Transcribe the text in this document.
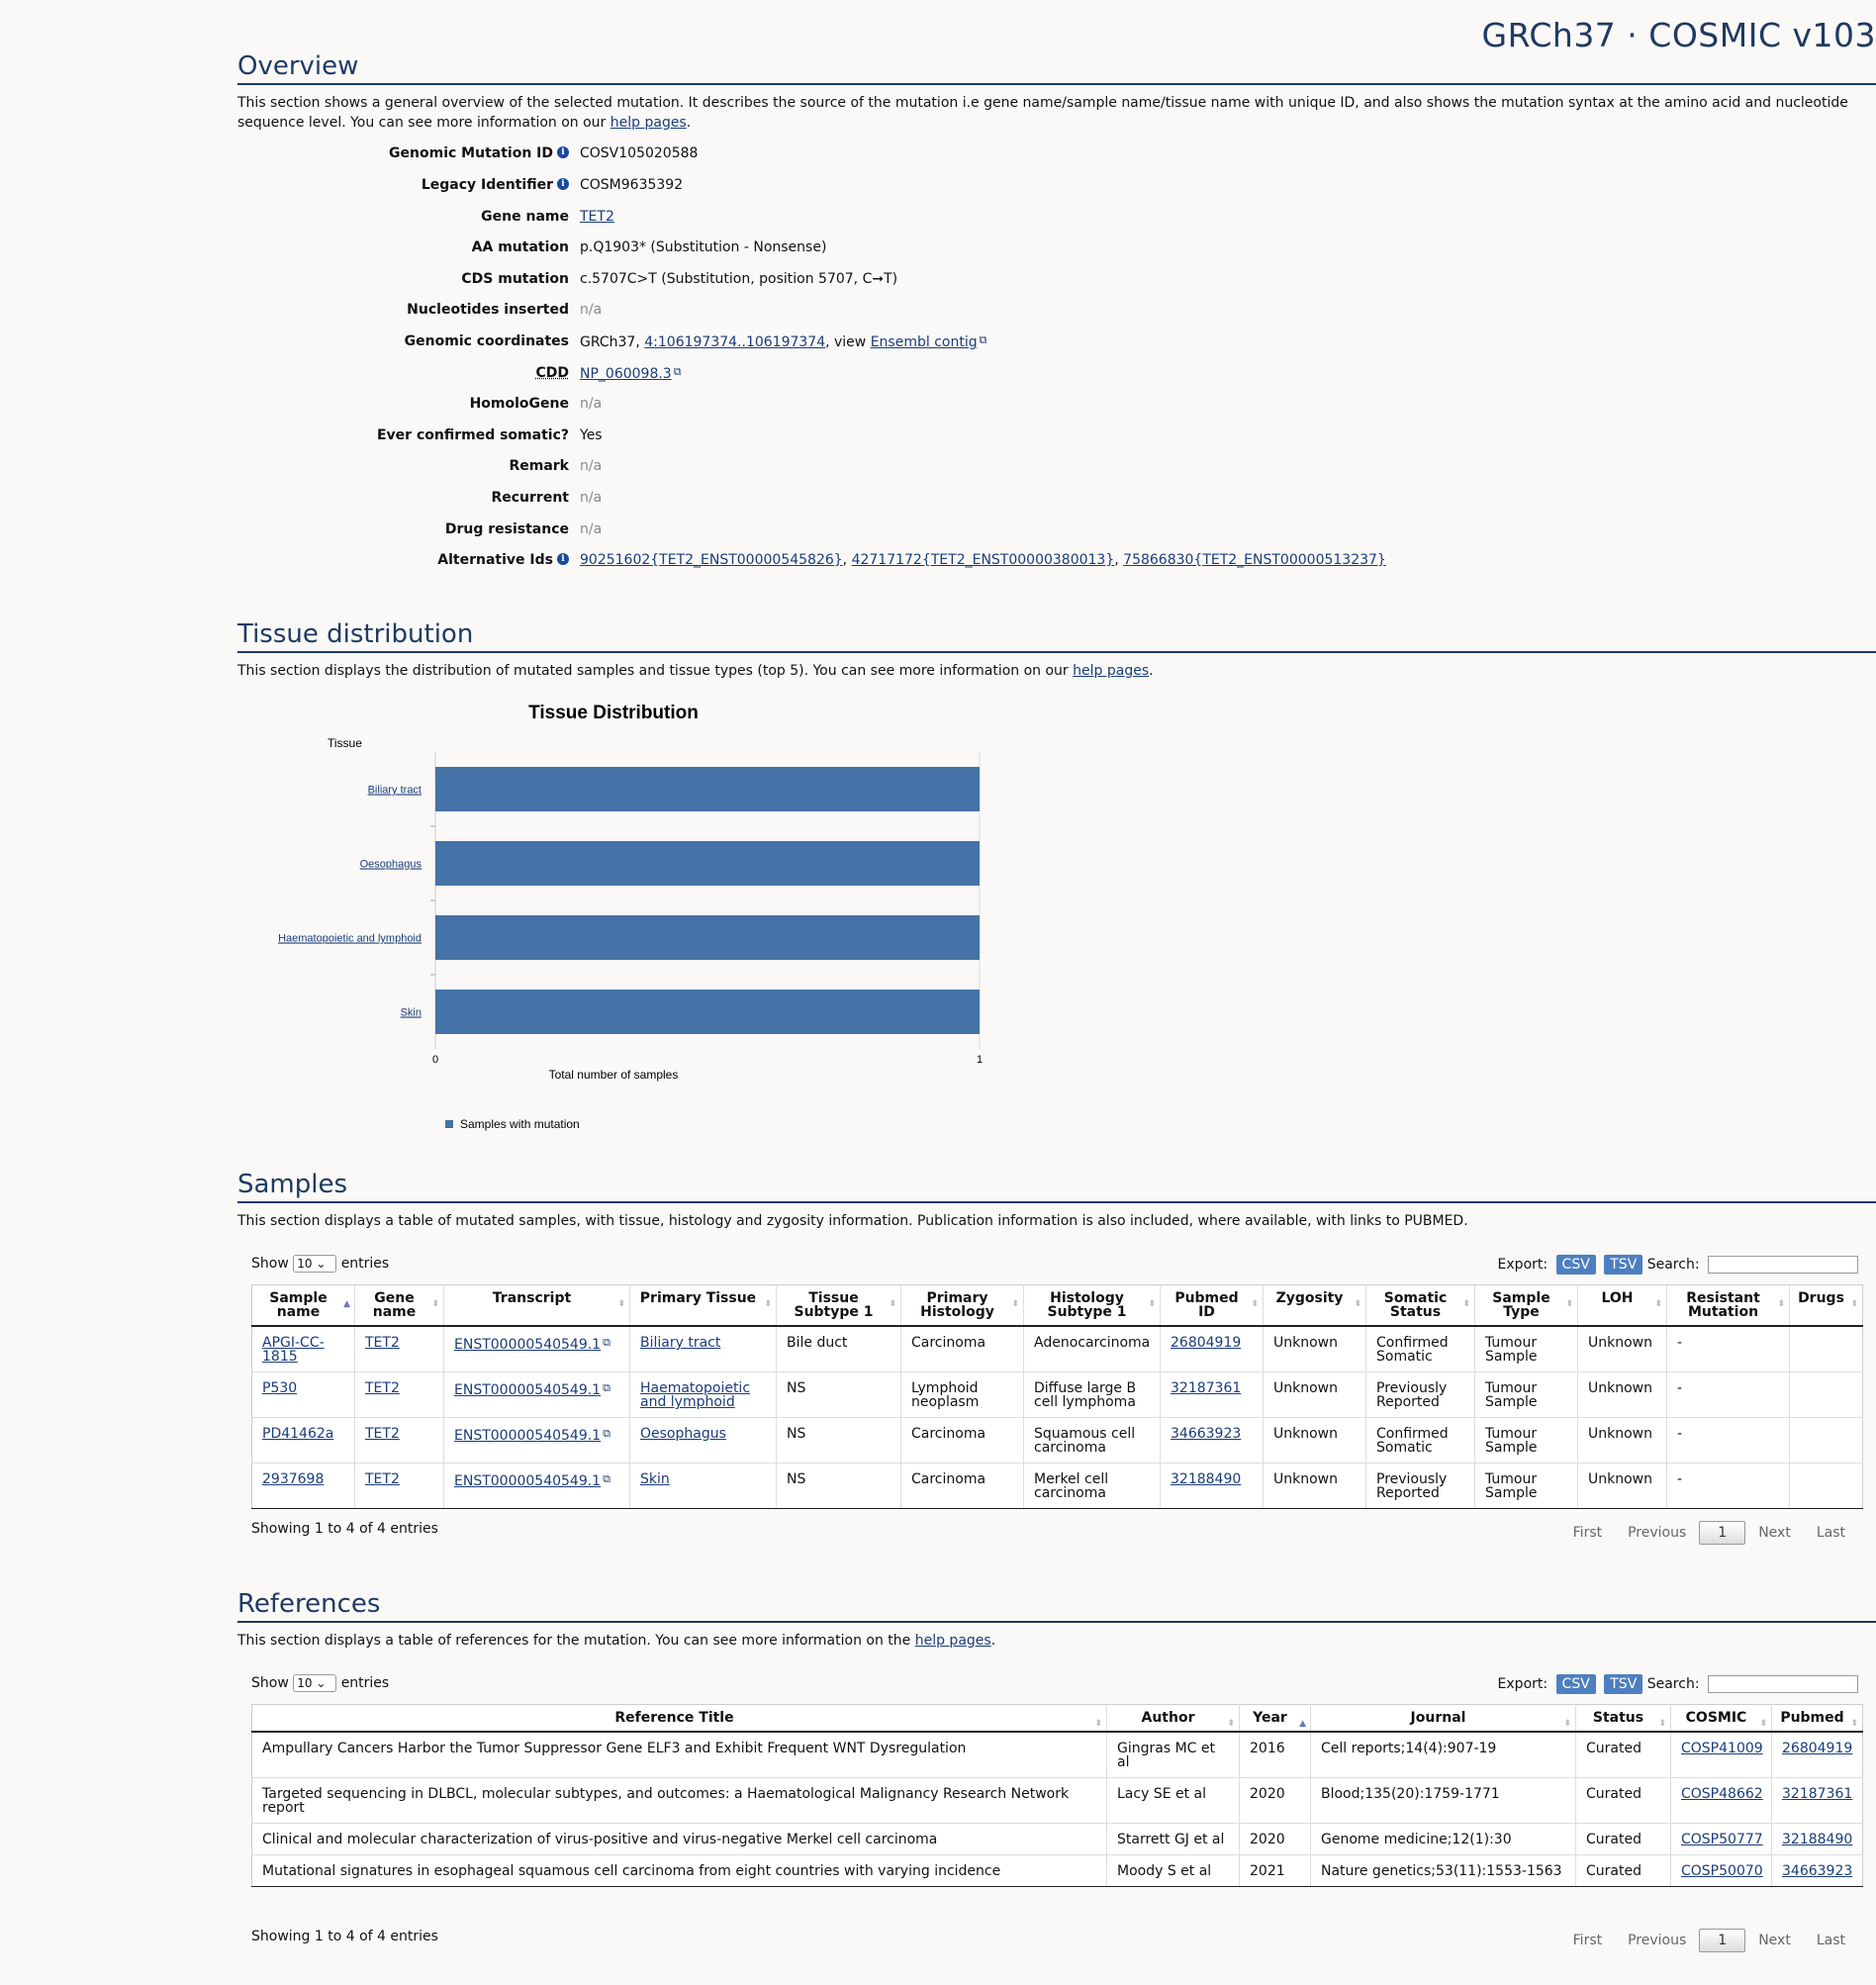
GRCh37 · COSMIC v103
Overview
This section shows a general overview of the selected mutation. It describes the source of the mutation i.e gene name/sample name/tissue name with unique ID, and also shows the mutation syntax at the amino acid and nucleotide sequence level. You can see more information on our help pages.
Genomic Mutation ID i	COSV105020588
Legacy Identifier i	COSM9635392
Gene name TET2
AA mutation p.Q1903* (Substitution - Nonsense)
CDS mutation c.5707C>T (Substitution, position 5707, C➞T)
Nucleotides inserted n/a
Genomic coordinates GRCh37, 4:106197374..106197374, view Ensembl contig ⧉
CDD NP_060098.3 ⧉
HomoloGene n/a
Ever confirmed somatic? Yes
Remark n/a
Recurrent n/a
Drug resistance n/a
Alternative Ids i	90251602{TET2_ENST00000545826}, 42717172{TET2_ENST00000380013}, 75866830{TET2_ENST00000513237}
Tissue distribution
This section displays the distribution of mutated samples and tissue types (top 5). You can see more information on our help pages.
Tissue Distribution
Tissue
Total number of samples
Samples with mutation
Biliary tract
Oesophagus
Haematopoietic and lymphoid
Skin
0	1
Samples
This section displays a table of mutated samples, with tissue, histology and zygosity information. Publication information is also included, where available, with links to PUBMED.
Show 10 ⌄ entries	Export: CSV TSV Search:
Sample name ▲	Gene name ⬍	Transcript ⬍	Primary Tissue ⬍	Tissue Subtype 1 ⬍	Primary Histology ⬍	Histology Subtype 1 ⬍	Pubmed ID ⬍	Zygosity ⬍	Somatic Status ⬍	Sample Type ⬍	LOH ⬍	Resistant Mutation ⬍	Drugs ⬍

APGI-CC-1815	TET2	ENST00000540549.1 ⧉	Biliary tract	Bile duct	Carcinoma	Adenocarcinoma	26804919	Unknown	Confirmed Somatic	Tumour Sample	Unknown	-	
P530	TET2	ENST00000540549.1 ⧉	Haematopoietic and lymphoid	NS	Lymphoid neoplasm	Diffuse large B cell lymphoma	32187361	Unknown	Previously Reported	Tumour Sample	Unknown	-	
PD41462a	TET2	ENST00000540549.1 ⧉	Oesophagus	NS	Carcinoma	Squamous cell carcinoma	34663923	Unknown	Confirmed Somatic	Tumour Sample	Unknown	-	
2937698	TET2	ENST00000540549.1 ⧉	Skin	NS	Carcinoma	Merkel cell carcinoma	32188490	Unknown	Previously Reported	Tumour Sample	Unknown	-	
Showing 1 to 4 of 4 entries	First Previous 1 Next Last
References
This section displays a table of references for the mutation. You can see more information on the help pages.
Show 10 ⌄ entries	Export: CSV TSV Search:
Reference Title ⬍	Author ⬍	Year ▲	Journal ⬍	Status ⬍	COSMIC ⬍	Pubmed ⬍

Ampullary Cancers Harbor the Tumor Suppressor Gene ELF3 and Exhibit Frequent WNT Dysregulation	Gingras MC et al	2016	Cell reports;14(4):907-19	Curated	COSP41009	26804919
Targeted sequencing in DLBCL, molecular subtypes, and outcomes: a Haematological Malignancy Research Network report	Lacy SE et al	2020	Blood;135(20):1759-1771	Curated	COSP48662	32187361
Clinical and molecular characterization of virus-positive and virus-negative Merkel cell carcinoma	Starrett GJ et al	2020	Genome medicine;12(1):30	Curated	COSP50777	32188490
Mutational signatures in esophageal squamous cell carcinoma from eight countries with varying incidence	Moody S et al	2021	Nature genetics;53(11):1553-1563	Curated	COSP50070	34663923
Showing 1 to 4 of 4 entries	First Previous 1 Next Last
